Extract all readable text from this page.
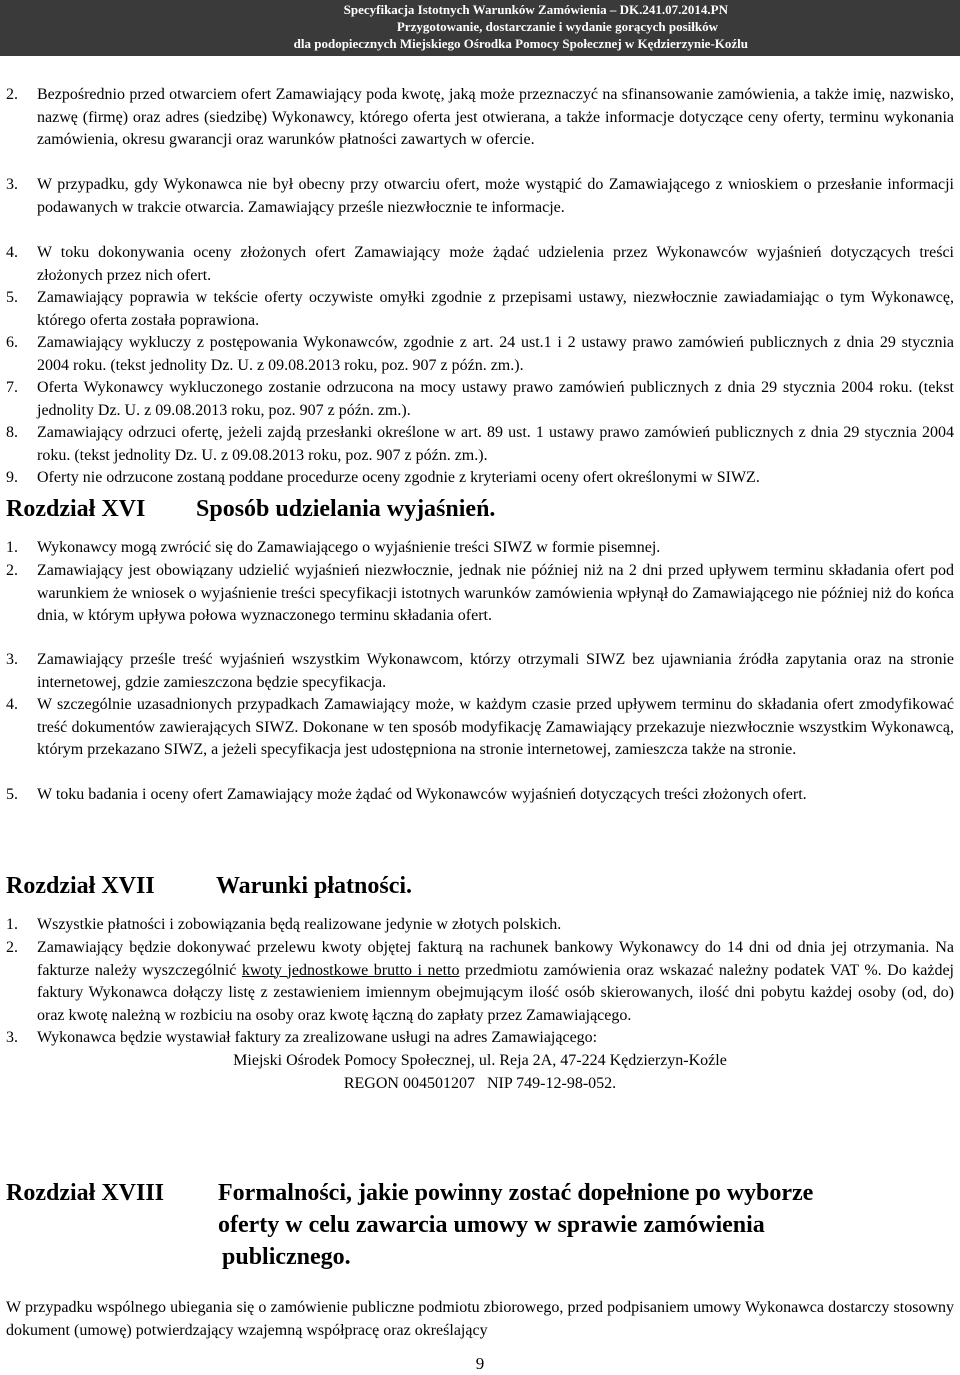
Specyfikacja Istotnych Warunków Zamówienia – DK.241.07.2014.PN
Przygotowanie, dostarczanie i wydanie gorących posiłków
dla podopiecznych Miejskiego Ośrodka Pomocy Społecznej w Kędzierzynie-Koźlu
2. Bezpośrednio przed otwarciem ofert Zamawiający poda kwotę, jaką może przeznaczyć na sfinansowanie zamówienia, a także imię, nazwisko, nazwę (firmę) oraz adres (siedzibę) Wykonawcy, którego oferta jest otwierana, a także informacje dotyczące ceny oferty, terminu wykonania zamówienia, okresu gwarancji oraz warunków płatności zawartych w ofercie.
3. W przypadku, gdy Wykonawca nie był obecny przy otwarciu ofert, może wystąpić do Zamawiającego z wnioskiem o przesłanie informacji podawanych w trakcie otwarcia. Zamawiający prześle niezwłocznie te informacje.
4. W toku dokonywania oceny złożonych ofert Zamawiający może żądać udzielenia przez Wykonawców wyjaśnień dotyczących treści złożonych przez nich ofert.
5. Zamawiający poprawia w tekście oferty oczywiste omyłki zgodnie z przepisami ustawy, niezwłocznie zawiadamiając o tym Wykonawcę, którego oferta została poprawiona.
6. Zamawiający wykluczy z postępowania Wykonawców, zgodnie z art. 24 ust.1 i 2 ustawy prawo zamówień publicznych z dnia 29 stycznia 2004 roku. (tekst jednolity Dz. U. z 09.08.2013 roku, poz. 907 z późn. zm.).
7. Oferta Wykonawcy wykluczonego zostanie odrzucona na mocy ustawy prawo zamówień publicznych z dnia 29 stycznia 2004 roku. (tekst jednolity Dz. U. z 09.08.2013 roku, poz. 907 z późn. zm.).
8. Zamawiający odrzuci ofertę, jeżeli zajdą przesłanki określone w art. 89 ust. 1 ustawy prawo zamówień publicznych z dnia 29 stycznia 2004 roku. (tekst jednolity Dz. U. z 09.08.2013 roku, poz. 907 z późn. zm.).
9. Oferty nie odrzucone zostaną poddane procedurze oceny zgodnie z kryteriami oceny ofert określonymi w SIWZ.
Rozdział XVI Sposób udzielania wyjaśnień.
1. Wykonawcy mogą zwrócić się do Zamawiającego o wyjaśnienie treści SIWZ w formie pisemnej.
2. Zamawiający jest obowiązany udzielić wyjaśnień niezwłocznie, jednak nie później niż na 2 dni przed upływem terminu składania ofert pod warunkiem że wniosek o wyjaśnienie treści specyfikacji istotnych warunków zamówienia wpłynął do Zamawiającego nie później niż do końca dnia, w którym upływa połowa wyznaczonego terminu składania ofert.
3. Zamawiający prześle treść wyjaśnień wszystkim Wykonawcom, którzy otrzymali SIWZ bez ujawniania źródła zapytania oraz na stronie internetowej, gdzie zamieszczona będzie specyfikacja.
4. W szczególnie uzasadnionych przypadkach Zamawiający może, w każdym czasie przed upływem terminu do składania ofert zmodyfikować treść dokumentów zawierających SIWZ. Dokonane w ten sposób modyfikację Zamawiający przekazuje niezwłocznie wszystkim Wykonawcą, którym przekazano SIWZ, a jeżeli specyfikacja jest udostępniona na stronie internetowej, zamieszcza także na stronie.
5. W toku badania i oceny ofert Zamawiający może żądać od Wykonawców wyjaśnień dotyczących treści złożonych ofert.
Rozdział XVII	Warunki płatności.
1. Wszystkie płatności i zobowiązania będą realizowane jedynie w złotych polskich.
2. Zamawiający będzie dokonywać przelewu kwoty objętej fakturą na rachunek bankowy Wykonawcy do 14 dni od dnia jej otrzymania. Na fakturze należy wyszczególnić kwoty jednostkowe brutto i netto przedmiotu zamówienia oraz wskazać należny podatek VAT %. Do każdej faktury Wykonawca dołączy listę z zestawieniem imiennym obejmującym ilość osób skierowanych, ilość dni pobytu każdej osoby (od, do) oraz kwotę należną w rozbiciu na osoby oraz kwotę łączną do zapłaty przez Zamawiającego.
3. Wykonawca będzie wystawiał faktury za zrealizowane usługi na adres Zamawiającego:
Miejski Ośrodek Pomocy Społecznej, ul. Reja 2A, 47-224 Kędzierzyn-Koźle
REGON 004501207   NIP 749-12-98-052.
Rozdział XVIII Formalności, jakie powinny zostać dopełnione po wyborze
oferty w celu zawarcia umowy w sprawie zamówienia
publicznego.
W przypadku wspólnego ubiegania się o zamówienie publiczne podmiotu zbiorowego, przed podpisaniem umowy Wykonawca dostarczy stosowny dokument (umowę) potwierdzający wzajemną współpracę oraz określający
9
